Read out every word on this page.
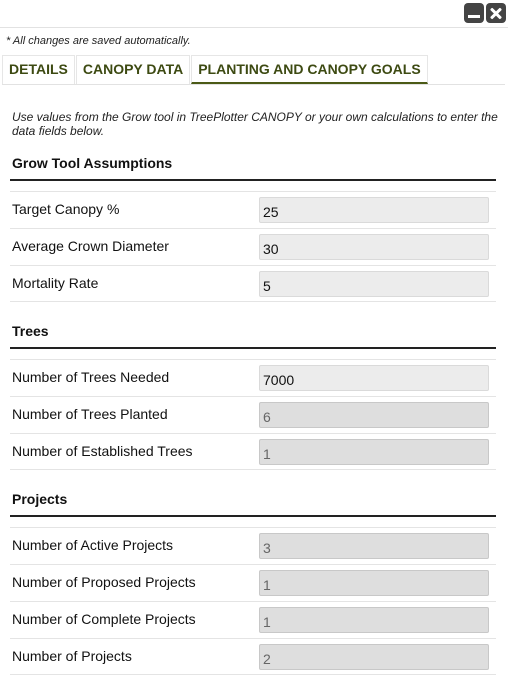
* All changes are saved automatically.
DETAILS	CANOPY DATA	PLANTING AND CANOPY GOALS
Use values from the Grow tool in TreePlotter CANOPY or your own calculations to enter the data fields below.
Grow Tool Assumptions
Target Canopy %	25
Average Crown Diameter	30
Mortality Rate	5
Trees
Number of Trees Needed	7000
Number of Trees Planted	6
Number of Established Trees	1
Projects
Number of Active Projects	3
Number of Proposed Projects	1
Number of Complete Projects	1
Number of Projects	2
